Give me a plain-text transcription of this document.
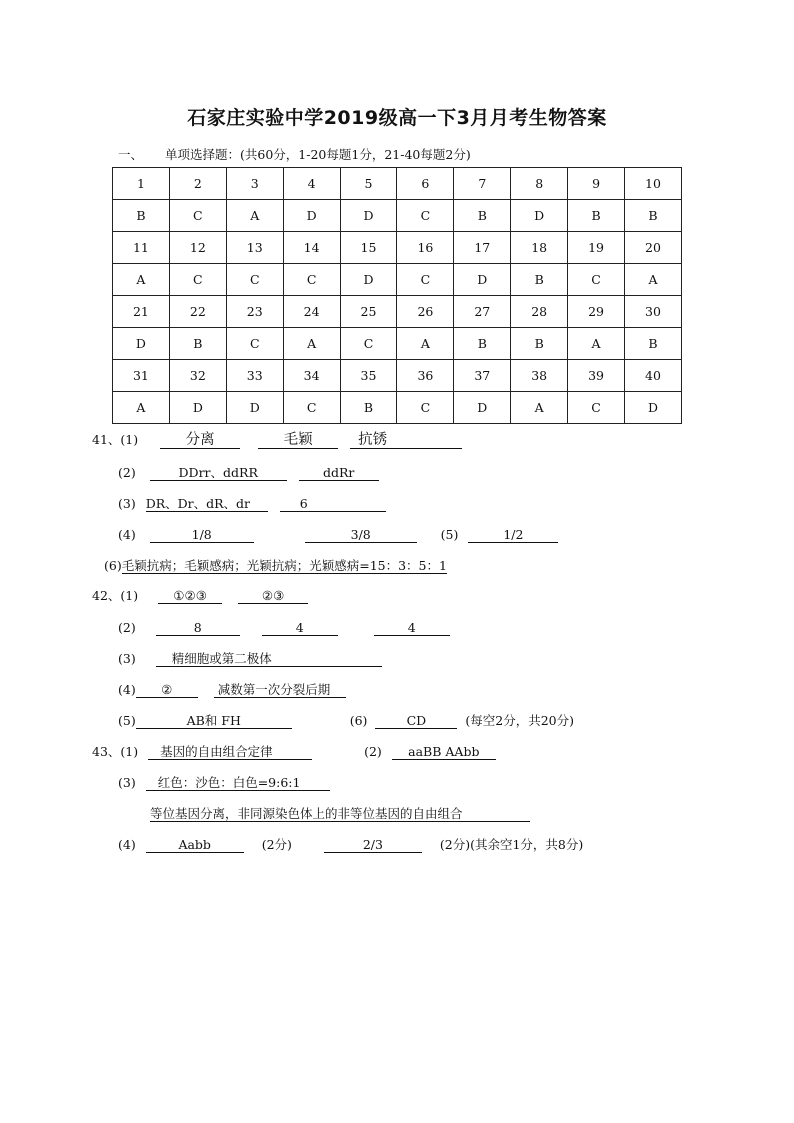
石家庄实验中学2019级高一下3月月考生物答案
一、 单项选择题：(共60分，1-20每题1分，21-40每题2分)
1	2	3	4	5	6	7	8	9	10
B	C	A	D	D	C	B	D	B	B
11	12	13	14	15	16	17	18	19	20
A	C	C	C	D	C	D	B	C	A
21	22	23	24	25	26	27	28	29	30
D	B	C	A	C	A	B	B	A	B
31	32	33	34	35	36	37	38	39	40
A	D	D	C	B	C	D	A	C	D
41、(1)	分离	毛颖	抗锈
(2)	DDrr、ddRR	ddRr
(3) DR、Dr、dR、dr	6
(4)	1/8	3/8	(5)	1/2
(6)毛颖抗病；毛颖感病；光颖抗病；光颖感病=15：3：5：1
42、(1)	①②③	②③
(2)	8	4	4
(3)	精细胞或第二极体
(4) ②	减数第一次分裂后期
(5)	AB和 FH	(6)	CD	(每空2分，共20分)
43、(1) 基因的自由组合定律	(2) aaBB AAbb
(3) 红色：沙色：白色=9:6:1
等位基因分离，非同源染色体上的非等位基因的自由组合
(4)	Aabb	(2分)	2/3	(2分)(其余空1分，共8分)
